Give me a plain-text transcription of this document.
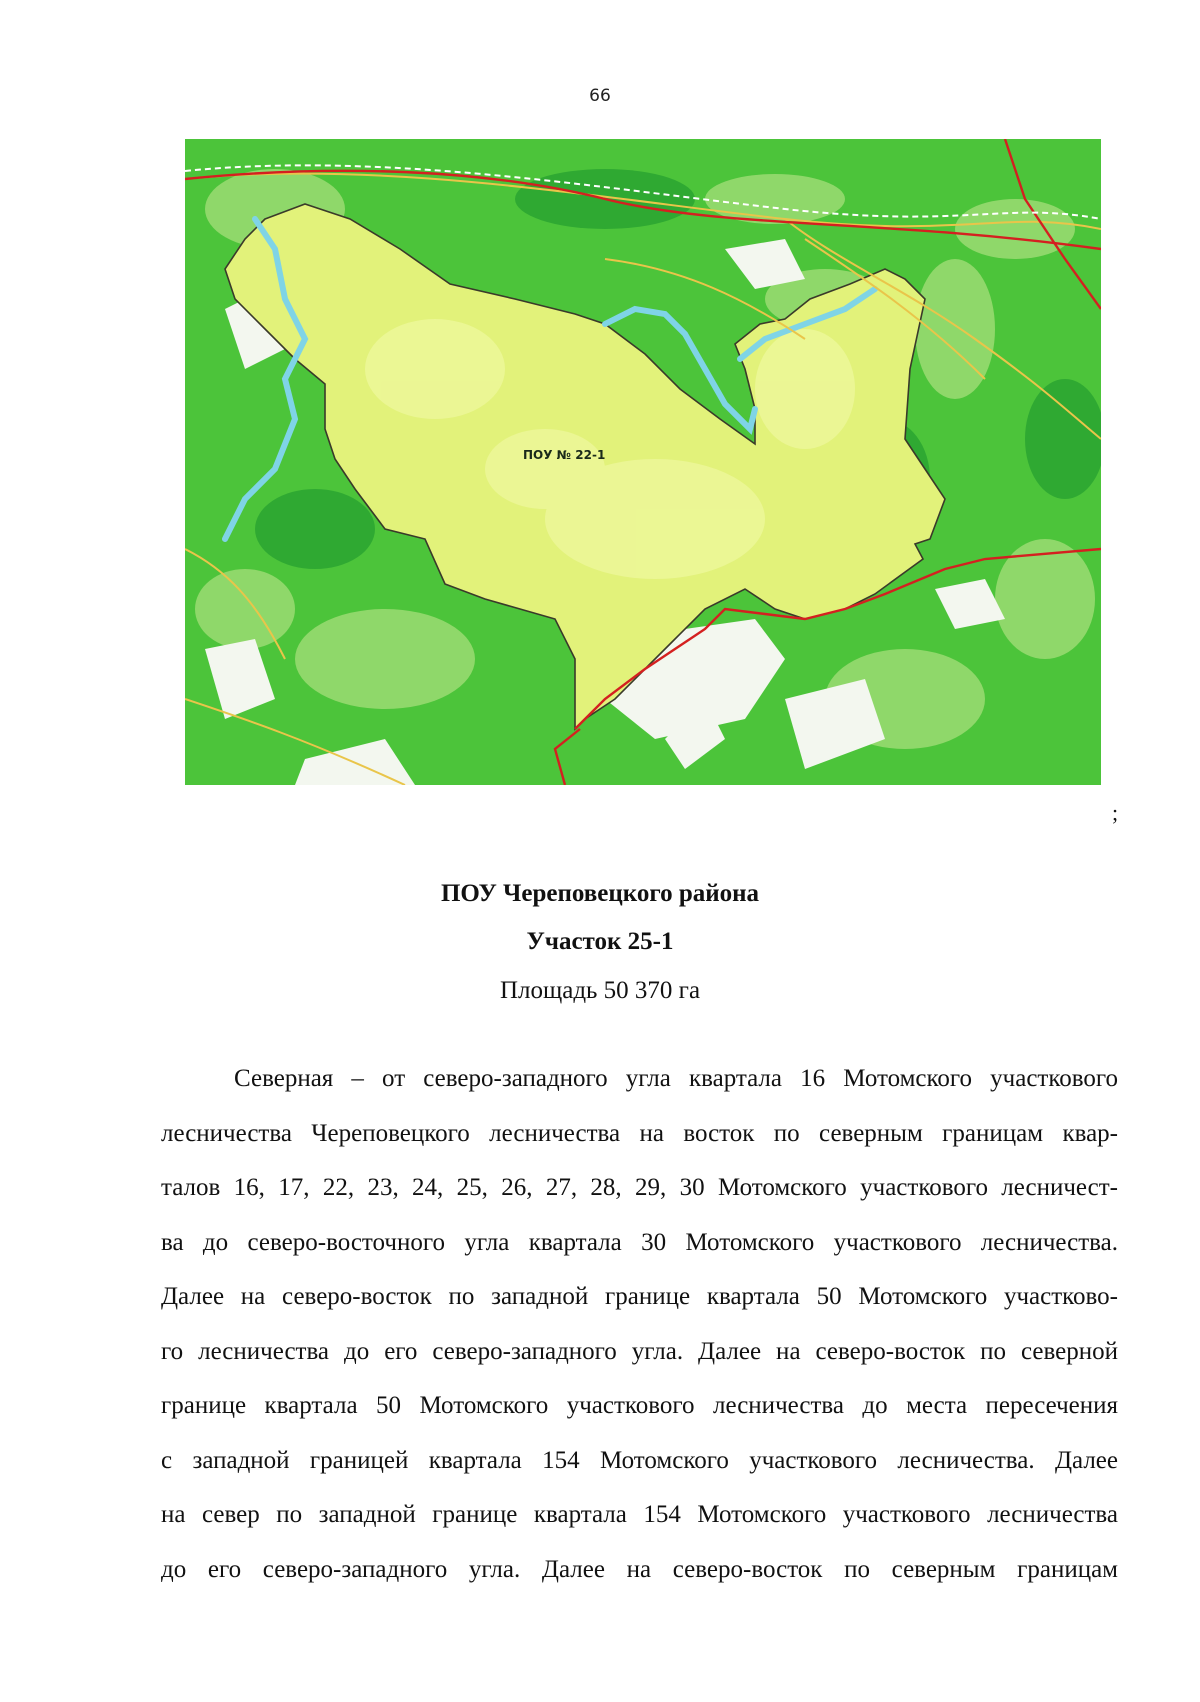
66
ПОУ № 22-1
;
ПОУ Череповецкого района
Участок 25-1
Площадь 50 370 га
Северная – от северо-западного угла квартала 16 Мотомского участкового
лесничества Череповецкого лесничества на восток по северным границам квар-
талов 16, 17, 22, 23, 24, 25, 26, 27, 28, 29, 30 Мотомского участкового лесничест-
ва до северо-восточного угла квартала 30 Мотомского участкового лесничества.
Далее на северо-восток по западной границе квартала 50 Мотомского участково-
го лесничества до его северо-западного угла. Далее на северо-восток по северной
границе квартала 50 Мотомского участкового лесничества до места пересечения
с западной границей квартала 154 Мотомского участкового лесничества. Далее
на север по западной границе квартала 154 Мотомского участкового лесничества
до его северо-западного угла. Далее на северо-восток по северным границам
